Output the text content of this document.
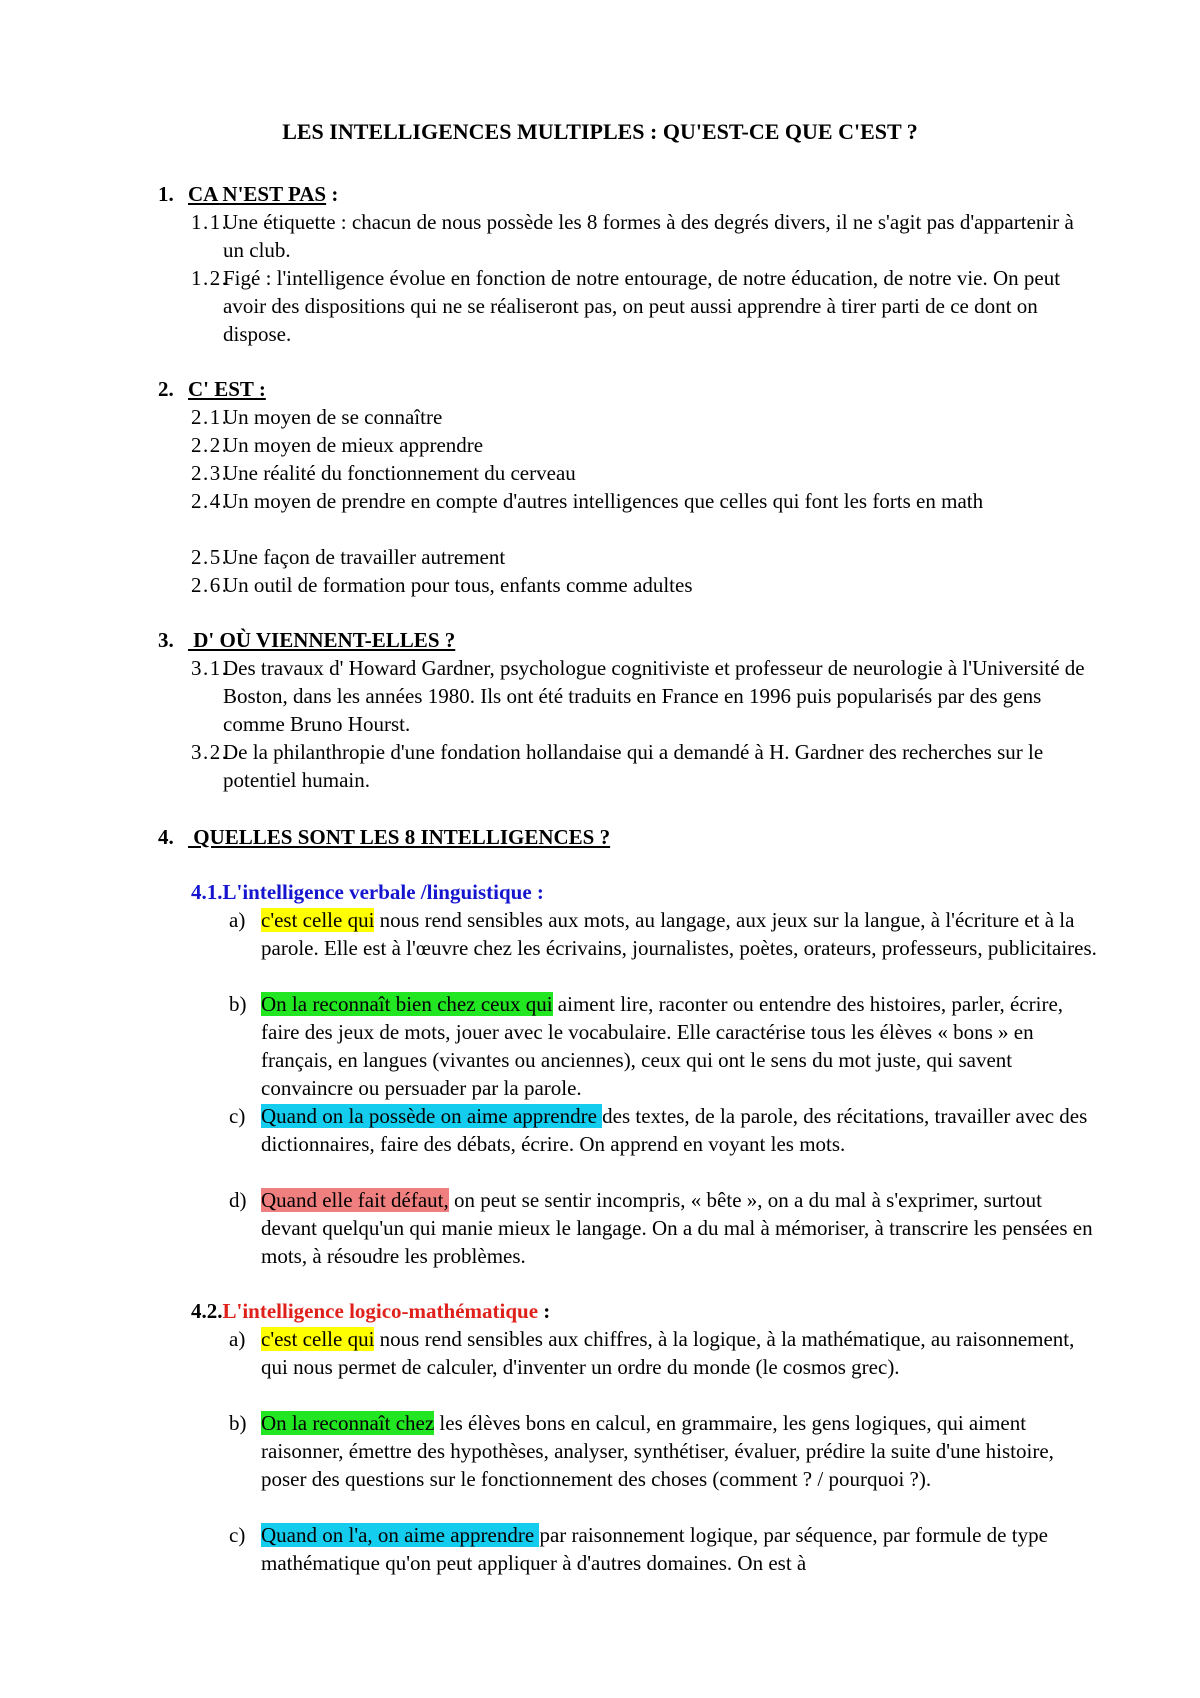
LES INTELLIGENCES MULTIPLES : QU'EST-CE QUE C'EST ?
1. CA N'EST PAS :
1.1.
Une étiquette : chacun de nous possède les 8 formes à des degrés divers, il ne s'agit pas d'appartenir à un club.
1.2.
Figé : l'intelligence évolue en fonction de notre entourage, de notre éducation, de notre vie. On peut avoir des dispositions qui ne se réaliseront pas, on peut aussi apprendre à tirer parti de ce dont on dispose.
2. C' EST :
2.1.
Un moyen de se connaître
2.2.
Un moyen de mieux apprendre
2.3.
Une réalité du fonctionnement du cerveau
2.4.
Un moyen de prendre en compte d'autres intelligences que celles qui font les forts en math
2.5.
Une façon de travailler autrement
2.6.
Un outil de formation pour tous, enfants comme adultes
3. D' OÙ VIENNENT-ELLES ?
3.1.
Des travaux d' Howard Gardner, psychologue cognitiviste et professeur de neurologie à l'Université de Boston, dans les années 1980. Ils ont été traduits en France en 1996 puis popularisés par des gens comme Bruno Hourst.
3.2.
De la philanthropie d'une fondation hollandaise qui a demandé à H. Gardner des recherches sur le potentiel humain.
4. QUELLES SONT LES 8 INTELLIGENCES ?
4.1.L'intelligence verbale /linguistique :
a) c'est celle qui nous rend sensibles aux mots, au langage, aux jeux sur la langue, à l'écriture et à la parole. Elle est à l'œuvre chez les écrivains, journalistes, poètes, orateurs, professeurs, publicitaires.
b) On la reconnaît bien chez ceux qui aiment lire, raconter ou entendre des histoires, parler, écrire, faire des jeux de mots, jouer avec le vocabulaire. Elle caractérise tous les élèves « bons » en français, en langues (vivantes ou anciennes), ceux qui ont le sens du mot juste, qui savent convaincre ou persuader par la parole.
c) Quand on la possède on aime apprendre des textes, de la parole, des récitations, travailler avec des dictionnaires, faire des débats, écrire. On apprend en voyant les mots.
d) Quand elle fait défaut, on peut se sentir incompris, « bête », on a du mal à s'exprimer, surtout devant quelqu'un qui manie mieux le langage. On a du mal à mémoriser, à transcrire les pensées en mots, à résoudre les problèmes.
4.2.L'intelligence logico-mathématique :
a) c'est celle qui nous rend sensibles aux chiffres, à la logique, à la mathématique, au raisonnement, qui nous permet de calculer, d'inventer un ordre du monde (le cosmos grec).
b) On la reconnaît chez les élèves bons en calcul, en grammaire, les gens logiques, qui aiment raisonner, émettre des hypothèses, analyser, synthétiser, évaluer, prédire la suite d'une histoire, poser des questions sur le fonctionnement des choses (comment ? / pourquoi ?).
c) Quand on l'a, on aime apprendre par raisonnement logique, par séquence, par formule de type mathématique qu'on peut appliquer à d'autres domaines. On est à
